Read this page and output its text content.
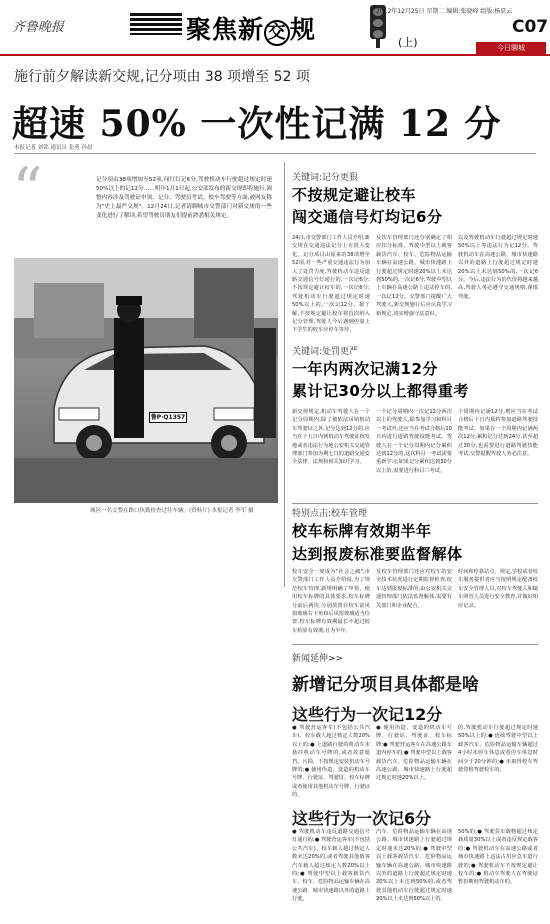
齐鲁晚报	聚焦新 交 规	(上)
2012年12月25日 星期二 编辑:张晓峰 组版:杨显云
C07
今日聊城
施行前夕解读新交规,记分项由 38 项增至 52 项
超速 50% 一次性记满 12 分
本报记者 刘铭 通讯员 张勇 孙晨
“	记分项由38项增加至52项,闯红灯记6分,驾驶机动车行驶超过规定时速50%以上的记12分……明年1月1日起,公安部发布的新交规即将施行,调整内容涉及驾驶证申领、记分、驾驶员考试、校车驾驶等方面,被网友称为"史上最严交规"。12月24日,记者请聊城市交警部门对新交规的一些变化进行了解读,希望驾驶员朋友们提前熟悉相关规定。
鲁P·Q1357
城区一名交警在路口执勤检查过往车辆。(资料片) 本报记者 李军 摄
关键词:记分更狠
不按规定避让校车
闯交通信号灯均记6分
24日,市交警部门工作人员介绍,新交规在交通违法记分上有很大变化。记分项目由原来的38项增至52项,对一些严重交通违法行为加大了处罚力度,驾驶机动车违反道路交通信号灯通行的,一次记6分;不按规定避让校车的,一次记6分;驾驶机动车行驶超过规定时速50%以上的,一次记12分。据了解,不按规定避让校车将首次纳入记分管理,驾驶人今后遇到停靠上下学生的校车应停车等待。
及饮车管理部门还分别确定了相应扣分标准。驾驶中型以上载客载货汽车、校车、危险物品运输车辆在高速公路、城市快速路上行驶超过规定时速20%以上未达到50%的,一次记6分;驾驶中型以上车辆在高速公路上违法停车的,一次记12分。交警部门提醒广大驾驶人,新交规施行后应认真学习新规定,切实增强守法意识。
以及驾驶机动车行驶超过规定时速50%以上等违法行为记12分。驾驶机动车在高速公路、城市快速路以外的道路上行驶超过规定时速20%以上未达到50%的,一次记6分。今后,违法行为的代价将越来越高,驾驶人务必遵守交通规则,谨慎驾驶。
关键词:处罚更严
一年内两次记满12分
累计记30分以上都得重考
新交规规定,机动车驾驶人在一个记分周期内,除了被依法吊销机动车驾驶证之外,记分达到12分的,应当在十五日内到机动车驾驶证核发地或者违法行为地公安机关交通管理部门参加为期七日的道路交通安全法律、法规和相关知识学习。
一个记分周期内一次记12分两次以上的驾驶人,除参加学习和科目一考试外,还应当在考试合格后10日内进行道路驾驶技能考试。驾驶人在一个记分周期内记分累积达到12分的,这次科目一考试需要重新学习;如果记分累积达到30分以上的,需要进行科目三考试。
个周期内记满12分,则应当在考试合格后十日内预约参加道路驾驶技能考试。如果在一个周期内记满两次12分,累积记分达到24分,甚至超过30分,也需要进行道路驾驶技能考试,交警提醒驾驶人务必注意。
特别点击:校车管理
校车标牌有效期半年
达到报废标准要监督解体
校车安全一度成为"社会之痛",市交警部门工作人员介绍说,为了规范校车管理,新规明确了申领、使用校车标牌的具体要求,校车标牌分前后两块,分别放置在校车前风窗玻璃右下角和后风窗玻璃适当位置,校车标牌有效期最长不超过校车检验有效期,且为半年。
及校车管理部门还应对校车的安全技术状况进行定期监督检查,校车达到报废标准的,由公安机关交通管理部门依法监督解体,需要有关部门和企业配合。
时间和停靠站点。规定,学校或者校车服务提供者应当按照规定配备校车安全管理人员,对校车驾驶人和随车照管人员进行安全教育,并做好相应记录。
新闻延伸>>
新增记分项目具体都是啥
这些行为一次记12分
● 驾驶营运客车(不包括公共汽车)、校车载人超过核定人数20%以上的;● 上道路行驶的机动车未悬挂机动车号牌的,或者故意遮挡、污损、不按规定安装机动车号牌的;● 使用伪造、变造的机动车号牌、行驶证、驾驶证、校车标牌或者使用其他机动车号牌、行驶证的。
● 使用伪造、变造的机动车号牌、行驶证、驾驶证、校车标牌;● 驾驶营运客车在高速公路车道内停车的;● 驾驶中型以上载客载货汽车、危险物品运输车辆在高速公路、城市快速路上行驶超过规定时速20%以上。
的,驾驶机动车行驶超过规定时速50%以上的;● 连续驾驶中型以上载客汽车、危险物品运输车辆超过4小时未停车休息或者停车休息时间少于20分钟的;● 未取得校车驾驶资格驾驶校车的。
这些行为一次记6分
● 驾驶机动车违反道路交通信号灯通行的;● 驾驶营运客车(不包括公共汽车)、校车载人超过核定人数未达20%的,或者驾驶其他载客汽车载人超过核定人数20%以上的;● 驾驶中型以上载客载货汽车、校车、危险物品运输车辆在高速公路、城市快速路以外的道路上行驶。
汽车、危险物品运输车辆在高速公路、城市快速路上行驶超过规定时速未达20%的;● 驾驶中型以上载客载货汽车、危险物品运输车辆在高速公路、城市快速路以外的道路上行驶超过规定时速20%以上未达到50%的,或者驾驶其他机动车行驶超过规定时速20%以上未达到50%以上的。
50%的;● 驾驶货车载物超过核定载质量30%以上或者违反规定载客的;● 驾驶机动车在高速公路或者城市快速路上违法占用应急车道行驶的;● 驾驶机动车不按规定避让校车的;● 机动车驾驶人在驾驶证暂扣期间驾驶机动车的。
